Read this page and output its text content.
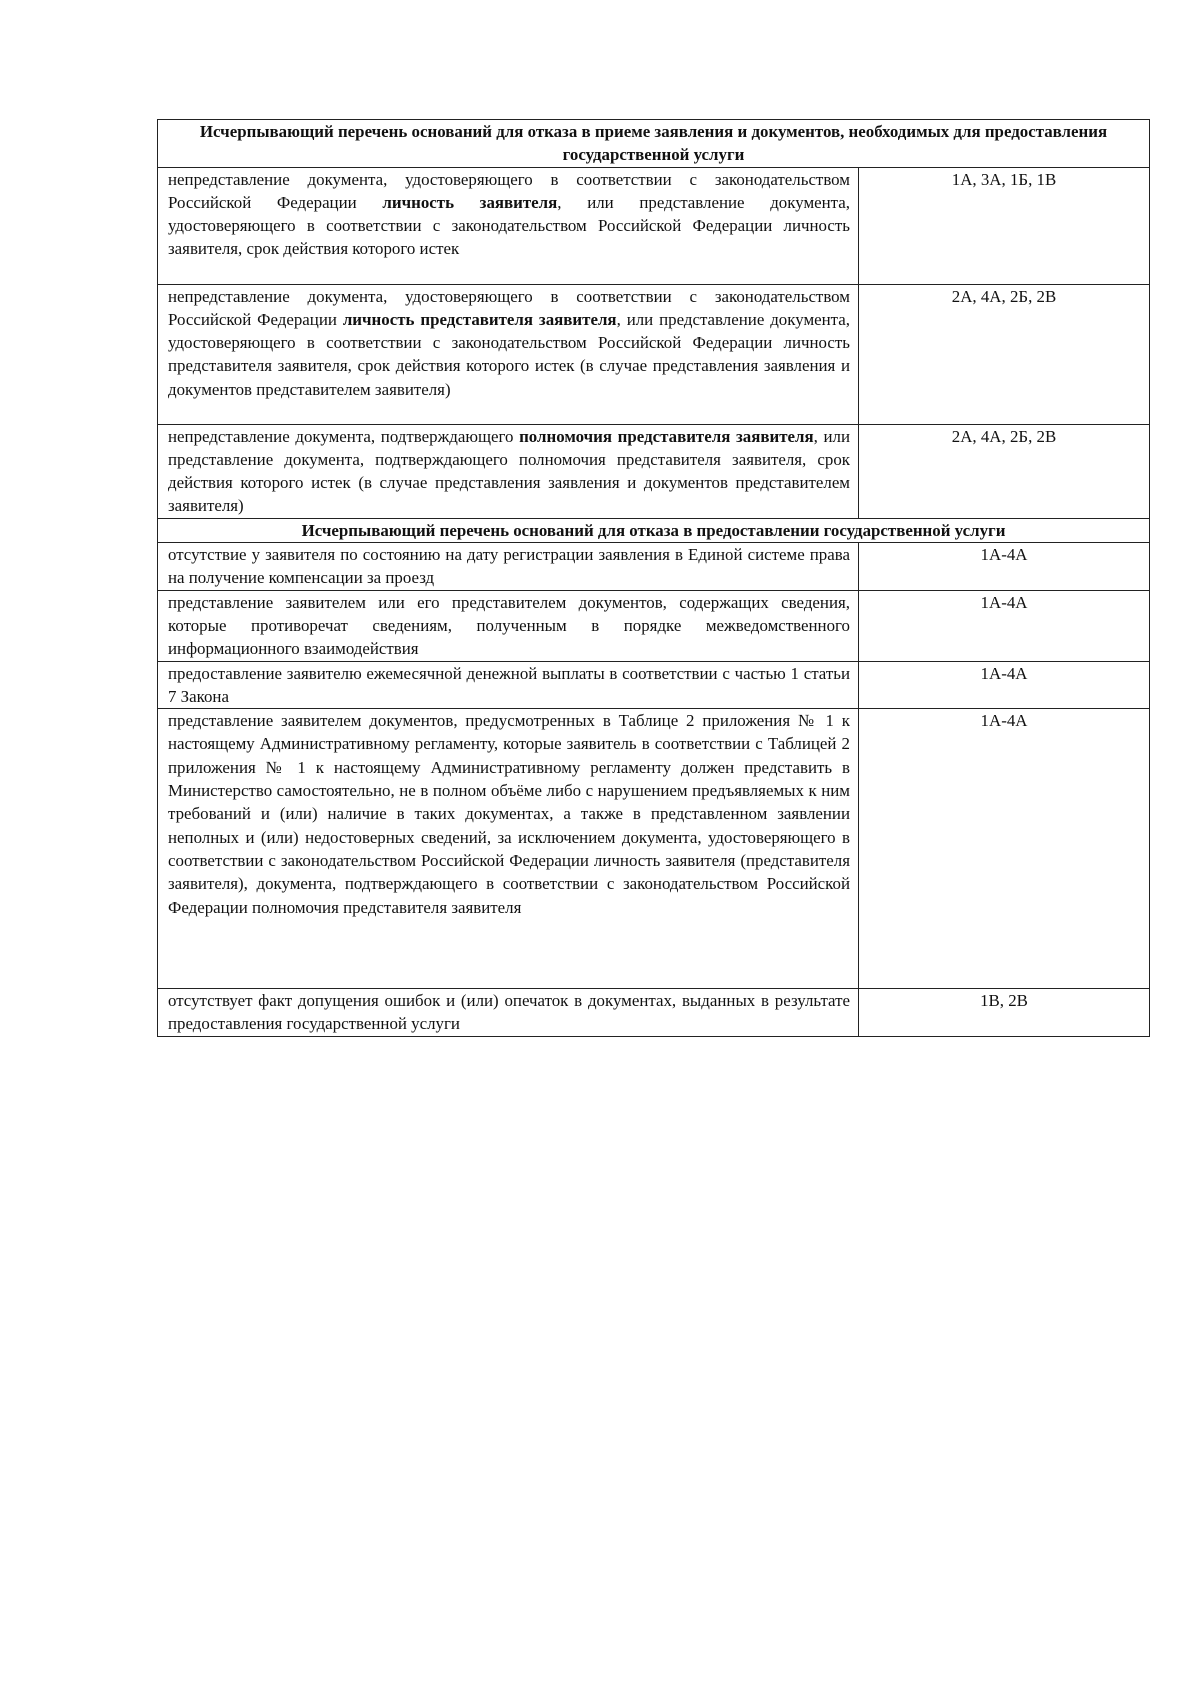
Исчерпывающий перечень оснований для отказа в приеме заявления и документов, необходимых для предоставления государственной услуги	
непредставление документа, удостоверяющего в соответствии с законодательством Российской Федерации личность заявителя, или представление документа, удостоверяющего в соответствии с законодательством Российской Федерации личность заявителя, срок действия которого истек	1А, 3А, 1Б, 1В
непредставление документа, удостоверяющего в соответствии с законодательством Российской Федерации личность представителя заявителя, или представление документа, удостоверяющего в соответствии с законодательством Российской Федерации личность представителя заявителя, срок действия которого истек (в случае представления заявления и документов представителем заявителя)	2А, 4А, 2Б, 2В
непредставление документа, подтверждающего полномочия представителя заявителя, или представление документа, подтверждающего полномочия представителя заявителя, срок действия которого истек (в случае представления заявления и документов представителем заявителя)	2А, 4А, 2Б, 2В
Исчерпывающий перечень оснований для отказа в предоставлении государственной услуги	
отсутствие у заявителя по состоянию на дату регистрации заявления в Единой системе права на получение компенсации за проезд	1А-4А
представление заявителем или его представителем документов, содержащих сведения, которые противоречат сведениям, полученным в порядке межведомственного информационного взаимодействия	1А-4А
предоставление заявителю ежемесячной денежной выплаты в соответствии с частью 1 статьи 7 Закона	1А-4А
представление заявителем документов, предусмотренных в Таблице 2 приложения № 1 к настоящему Административному регламенту, которые заявитель в соответствии с Таблицей 2 приложения № 1 к настоящему Административному регламенту должен представить в Министерство самостоятельно, не в полном объёме либо с нарушением предъявляемых к ним требований и (или) наличие в таких документах, а также в представленном заявлении неполных и (или) недостоверных сведений, за исключением документа, удостоверяющего в соответствии с законодательством Российской Федерации личность заявителя (представителя заявителя), документа, подтверждающего в соответствии с законодательством Российской Федерации полномочия представителя заявителя	1А-4А
отсутствует факт допущения ошибок и (или) опечаток в документах, выданных в результате предоставления государственной услуги	1В, 2В
